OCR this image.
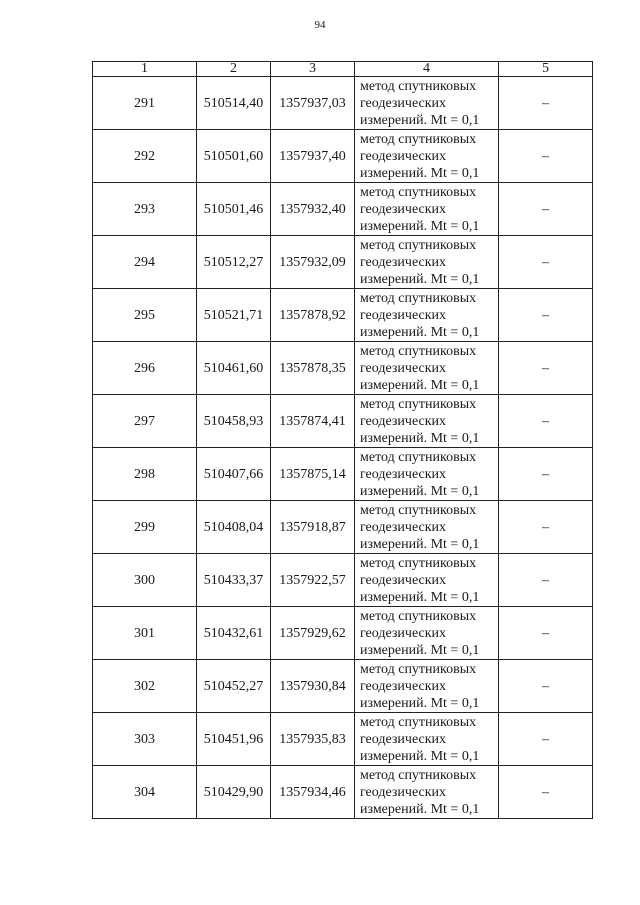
94
1	2	3	4	5
291	510514,40	1357937,03	метод спутниковых
геодезических
измерений. Mt = 0,1	–
292	510501,60	1357937,40	метод спутниковых
геодезических
измерений. Mt = 0,1	–
293	510501,46	1357932,40	метод спутниковых
геодезических
измерений. Mt = 0,1	–
294	510512,27	1357932,09	метод спутниковых
геодезических
измерений. Mt = 0,1	–
295	510521,71	1357878,92	метод спутниковых
геодезических
измерений. Mt = 0,1	–
296	510461,60	1357878,35	метод спутниковых
геодезических
измерений. Mt = 0,1	–
297	510458,93	1357874,41	метод спутниковых
геодезических
измерений. Mt = 0,1	–
298	510407,66	1357875,14	метод спутниковых
геодезических
измерений. Mt = 0,1	–
299	510408,04	1357918,87	метод спутниковых
геодезических
измерений. Mt = 0,1	–
300	510433,37	1357922,57	метод спутниковых
геодезических
измерений. Mt = 0,1	–
301	510432,61	1357929,62	метод спутниковых
геодезических
измерений. Mt = 0,1	–
302	510452,27	1357930,84	метод спутниковых
геодезических
измерений. Mt = 0,1	–
303	510451,96	1357935,83	метод спутниковых
геодезических
измерений. Mt = 0,1	–
304	510429,90	1357934,46	метод спутниковых
геодезических
измерений. Mt = 0,1	–
